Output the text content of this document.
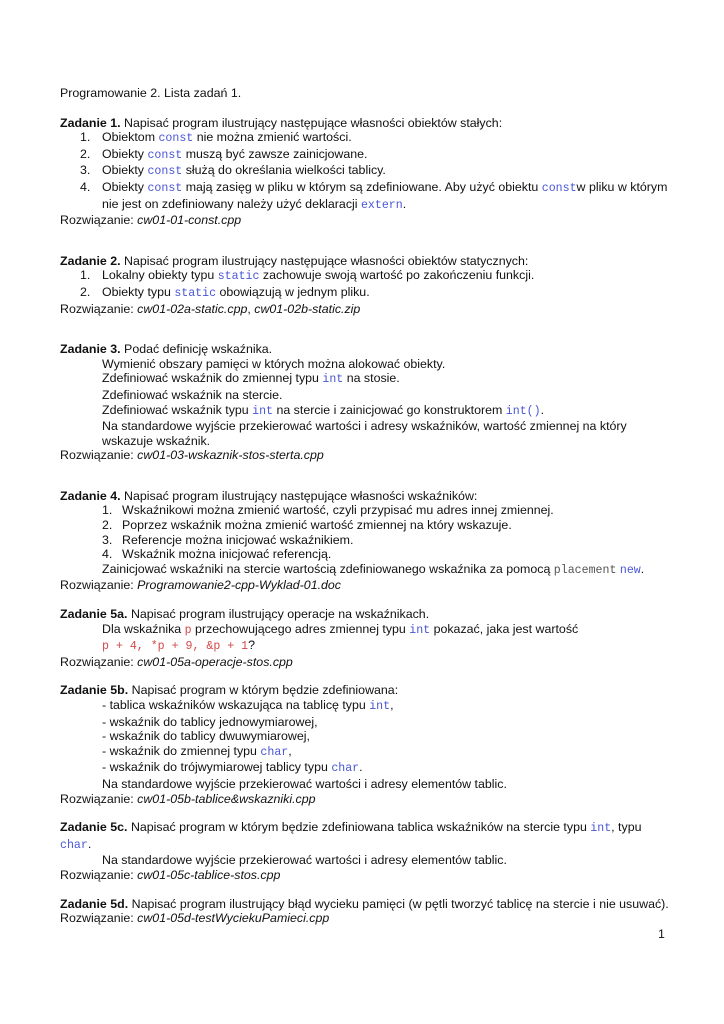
Programowanie 2. Lista zadań 1.

Zadanie 1. Napisać program ilustrujący następujące własności obiektów stałych:

1. Obiektom const nie można zmienić wartości.
2. Obiekty const muszą być zawsze zainicjowane.
3. Obiekty const służą do określania wielkości tablicy.
4. Obiekty const mają zasięg w pliku w którym są zdefiniowane. Aby użyć obiektu constw pliku w którym nie jest on zdefiniowany należy użyć deklaracji extern.

Rozwiązanie: cw01-01-const.cpp

Zadanie 2. Napisać program ilustrujący następujące własności obiektów statycznych:

1. Lokalny obiekty typu static zachowuje swoją wartość po zakończeniu funkcji.
2. Obiekty typu static obowiązują w jednym pliku.

Rozwiązanie: cw01-02a-static.cpp, cw01-02b-static.zip

Zadanie 3. Podać definicję wskaźnika.

Wymienić obszary pamięci w których można alokować obiekty.

Zdefiniować wskaźnik do zmiennej typu int na stosie.

Zdefiniować wskaźnik na stercie.

Zdefiniować wskaźnik typu int na stercie i zainicjować go konstruktorem int().

Na standardowe wyjście przekierować wartości i adresy wskaźników, wartość zmiennej na który wskazuje wskaźnik.

Rozwiązanie: cw01-03-wskaznik-stos-sterta.cpp

Zadanie 4. Napisać program ilustrujący następujące własności wskaźników:

1. Wskaźnikowi można zmienić wartość, czyli przypisać mu adres innej zmiennej.
2. Poprzez wskaźnik można zmienić wartość zmiennej na który wskazuje.
3. Referencje można inicjować wskaźnikiem.
4. Wskaźnik można inicjować referencją.

Zainicjować wskaźniki na stercie wartością zdefiniowanego wskaźnika za pomocą placement new.

Rozwiązanie: Programowanie2-cpp-Wyklad-01.doc

Zadanie 5a. Napisać program ilustrujący operacje na wskaźnikach.

Dla wskaźnika p przechowującego adres zmiennej typu int pokazać, jaka jest wartość

p + 4, *p + 9, &p + 1?

Rozwiązanie: cw01-05a-operacje-stos.cpp

Zadanie 5b. Napisać program w którym będzie zdefiniowana:

- tablica wskaźników wskazująca na tablicę typu int,

- wskaźnik do tablicy jednowymiarowej,

- wskaźnik do tablicy dwuwymiarowej,

- wskaźnik do zmiennej typu char,

- wskaźnik do trójwymiarowej tablicy typu char.

Na standardowe wyjście przekierować wartości i adresy elementów tablic.

Rozwiązanie: cw01-05b-tablice&wskazniki.cpp

Zadanie 5c. Napisać program w którym będzie zdefiniowana tablica wskaźników na stercie typu int, typu char.

Na standardowe wyjście przekierować wartości i adresy elementów tablic.

Rozwiązanie: cw01-05c-tablice-stos.cpp

Zadanie 5d. Napisać program ilustrujący błąd wycieku pamięci (w pętli tworzyć tablicę na stercie i nie usuwać).

Rozwiązanie: cw01-05d-testWyciekuPamieci.cpp

1
